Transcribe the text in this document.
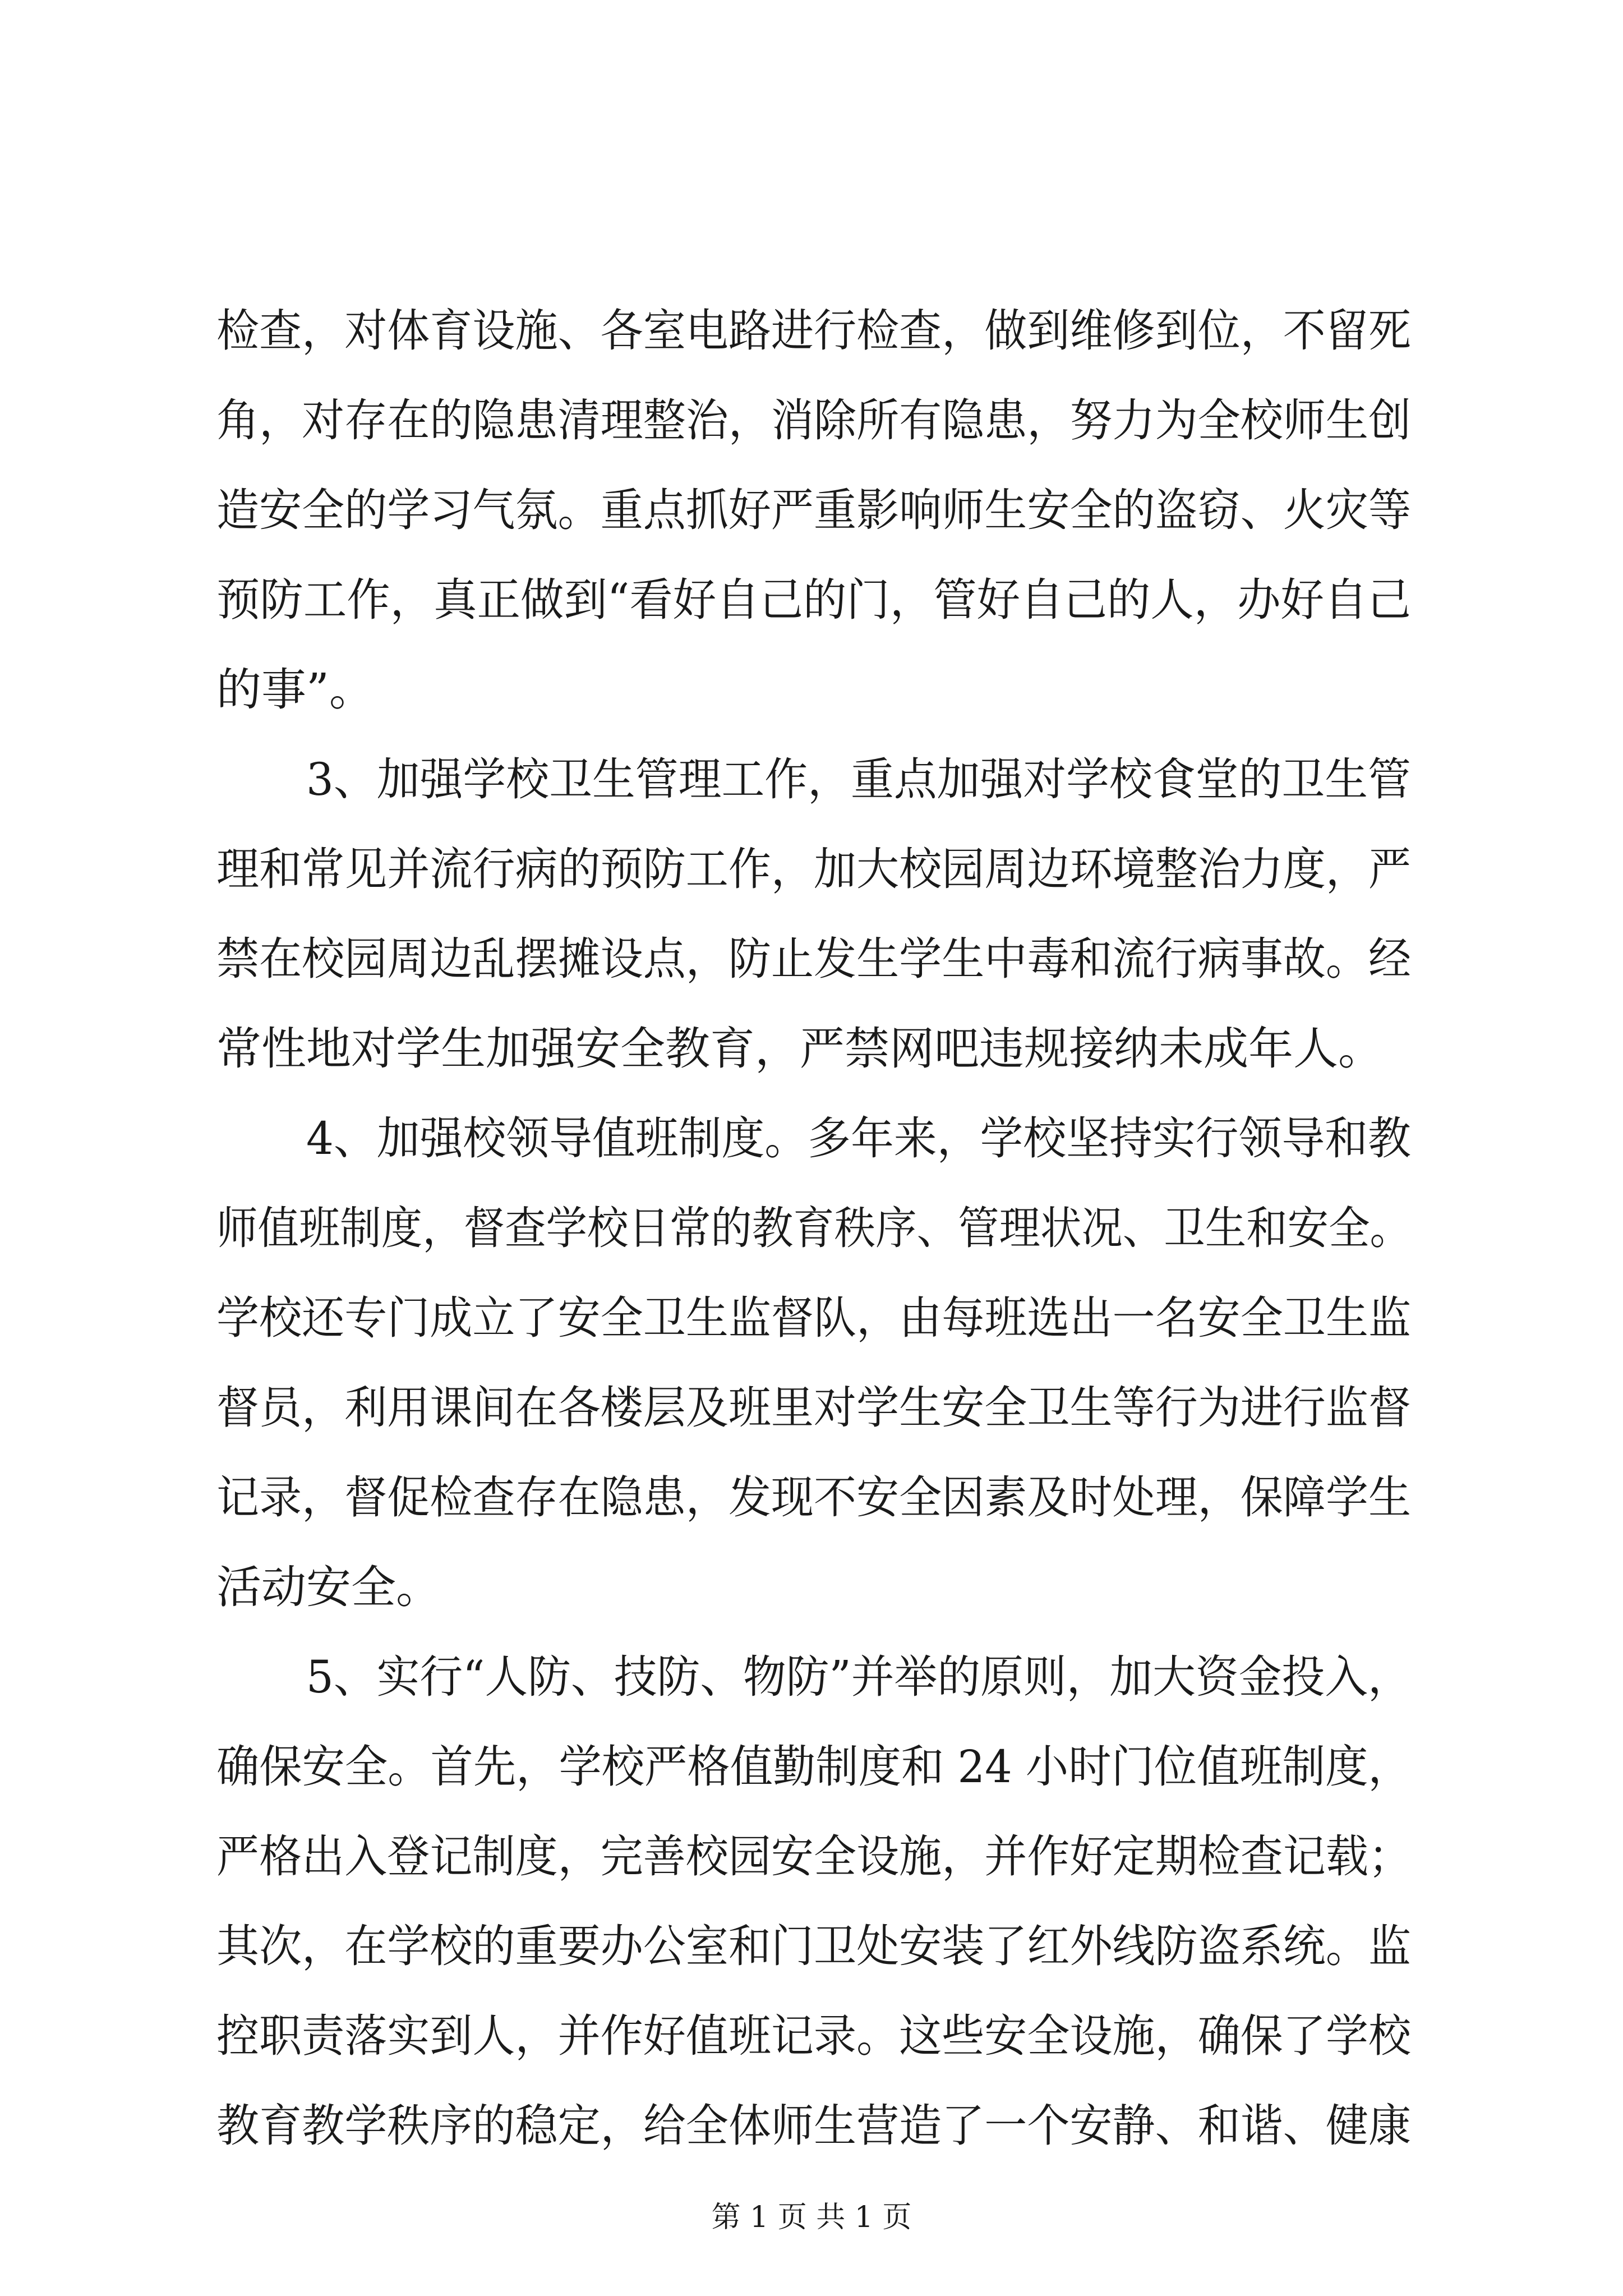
检查，对体育设施、各室电路进行检查，做到维修到位，不留死
角，对存在的隐患清理整治，消除所有隐患，努力为全校师生创
造安全的学习气氛。重点抓好严重影响师生安全的盗窃、火灾等
预防工作，真正做到“看好自己的门，管好自己的人，办好自己
的事”。
3、加强学校卫生管理工作，重点加强对学校食堂的卫生管
理和常见并流行病的预防工作，加大校园周边环境整治力度，严
禁在校园周边乱摆摊设点，防止发生学生中毒和流行病事故。经
常性地对学生加强安全教育，严禁网吧违规接纳未成年人。
4、加强校领导值班制度。多年来，学校坚持实行领导和教
师值班制度，督查学校日常的教育秩序、管理状况、卫生和安全。
学校还专门成立了安全卫生监督队，由每班选出一名安全卫生监
督员，利用课间在各楼层及班里对学生安全卫生等行为进行监督
记录，督促检查存在隐患，发现不安全因素及时处理，保障学生
活动安全。
5、实行“人防、技防、物防”并举的原则，加大资金投入，
确保安全。首先，学校严格值勤制度和 24 小时门位值班制度，
严格出入登记制度，完善校园安全设施，并作好定期检查记载；
其次，在学校的重要办公室和门卫处安装了红外线防盗系统。监
控职责落实到人，并作好值班记录。这些安全设施，确保了学校
教育教学秩序的稳定，给全体师生营造了一个安静、和谐、健康
第 1 页 共 1 页
